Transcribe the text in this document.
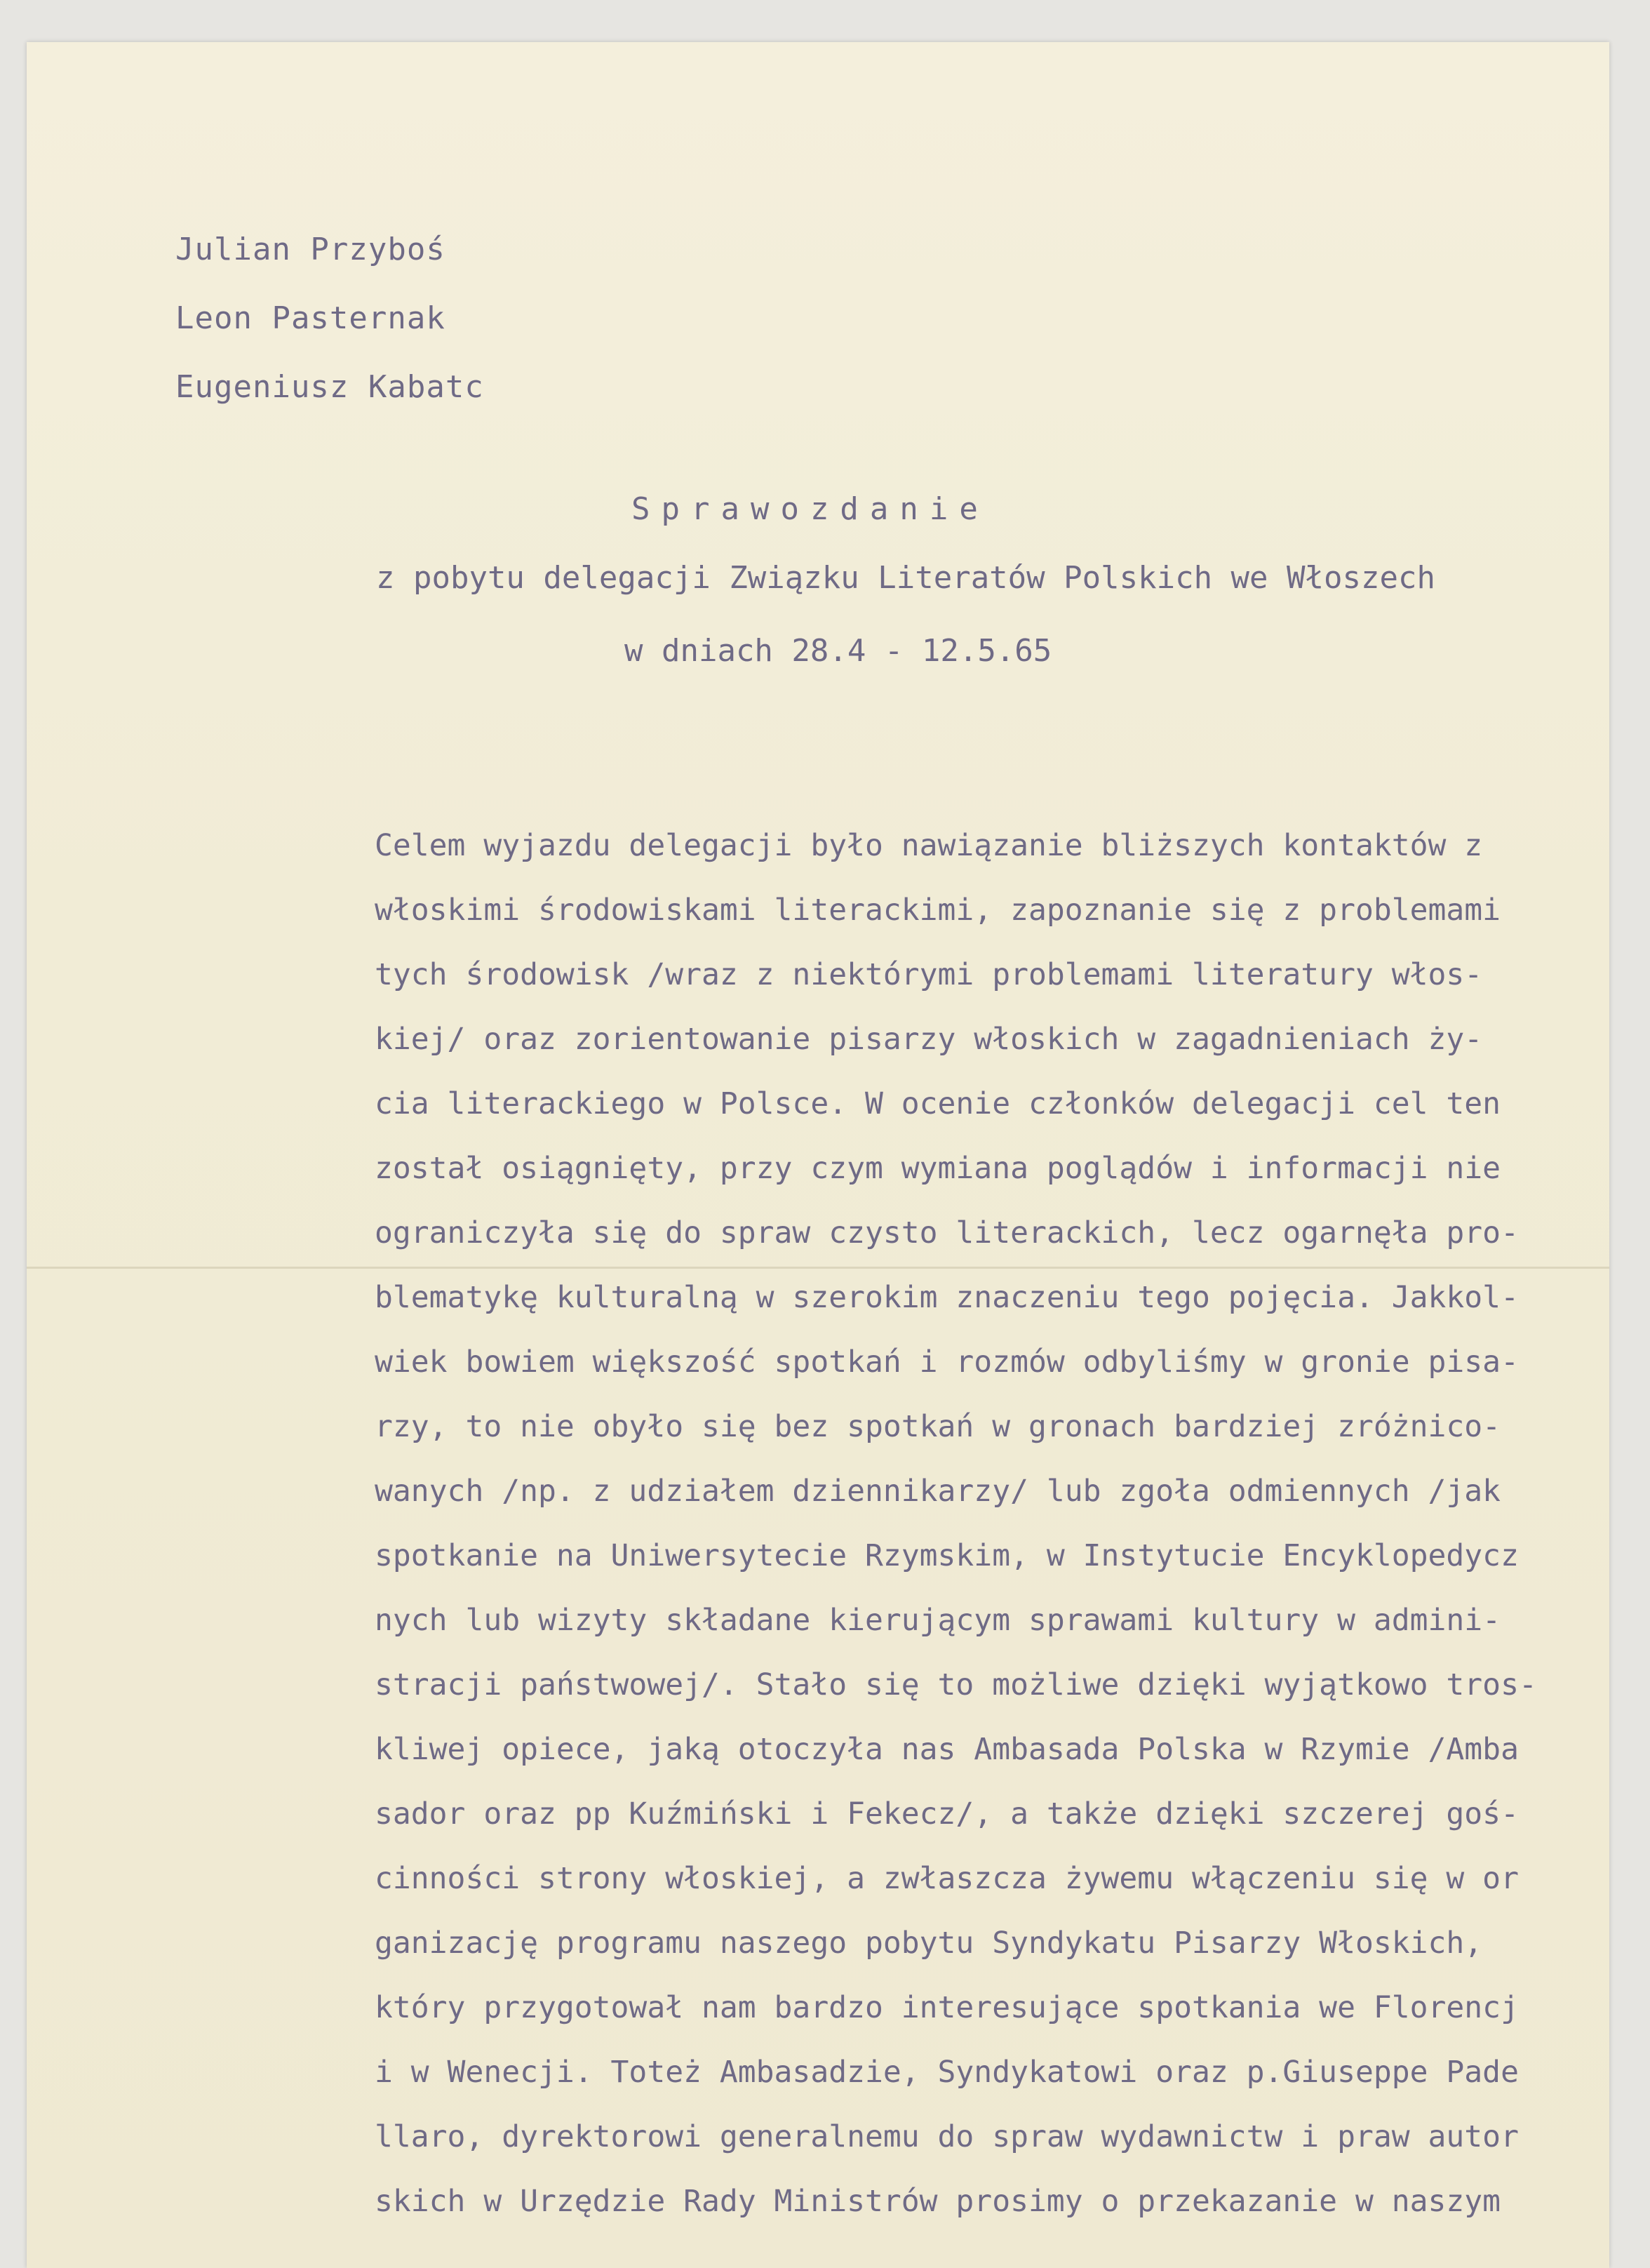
Julian Przyboś

Leon Pasternak

Eugeniusz Kabatc

Sprawozdanie

z pobytu delegacji Związku Literatów Polskich we Włoszech

w dniach 28.4 - 12.5.65

Celem wyjazdu delegacji było nawiązanie bliższych kontaktów z

włoskimi środowiskami literackimi, zapoznanie się z problemami

tych środowisk /wraz z niektórymi problemami literatury włos-

kiej/ oraz zorientowanie pisarzy włoskich w zagadnieniach ży-

cia literackiego w Polsce. W ocenie członków delegacji cel ten

został osiągnięty, przy czym wymiana poglądów i informacji nie

ograniczyła się do spraw czysto literackich, lecz ogarnęła pro-

blematykę kulturalną w szerokim znaczeniu tego pojęcia. Jakkol-

wiek bowiem większość spotkań i rozmów odbyliśmy w gronie pisa-

rzy, to nie obyło się bez spotkań w gronach bardziej zróżnico-

wanych /np. z udziałem dziennikarzy/ lub zgoła odmiennych /jak

spotkanie na Uniwersytecie Rzymskim, w Instytucie Encyklopedycz

nych lub wizyty składane kierującym sprawami kultury w admini-

stracji państwowej/. Stało się to możliwe dzięki wyjątkowo tros-

kliwej opiece, jaką otoczyła nas Ambasada Polska w Rzymie /Amba

sador oraz pp Kuźmiński i Fekecz/, a także dzięki szczerej goś-

cinności strony włoskiej, a zwłaszcza żywemu włączeniu się w or

ganizację programu naszego pobytu Syndykatu Pisarzy Włoskich,

który przygotował nam bardzo interesujące spotkania we Florencj

i w Wenecji. Toteż Ambasadzie, Syndykatowi oraz p.Giuseppe Pade

llaro, dyrektorowi generalnemu do spraw wydawnictw i praw autor

skich w Urzędzie Rady Ministrów prosimy o przekazanie w naszym
